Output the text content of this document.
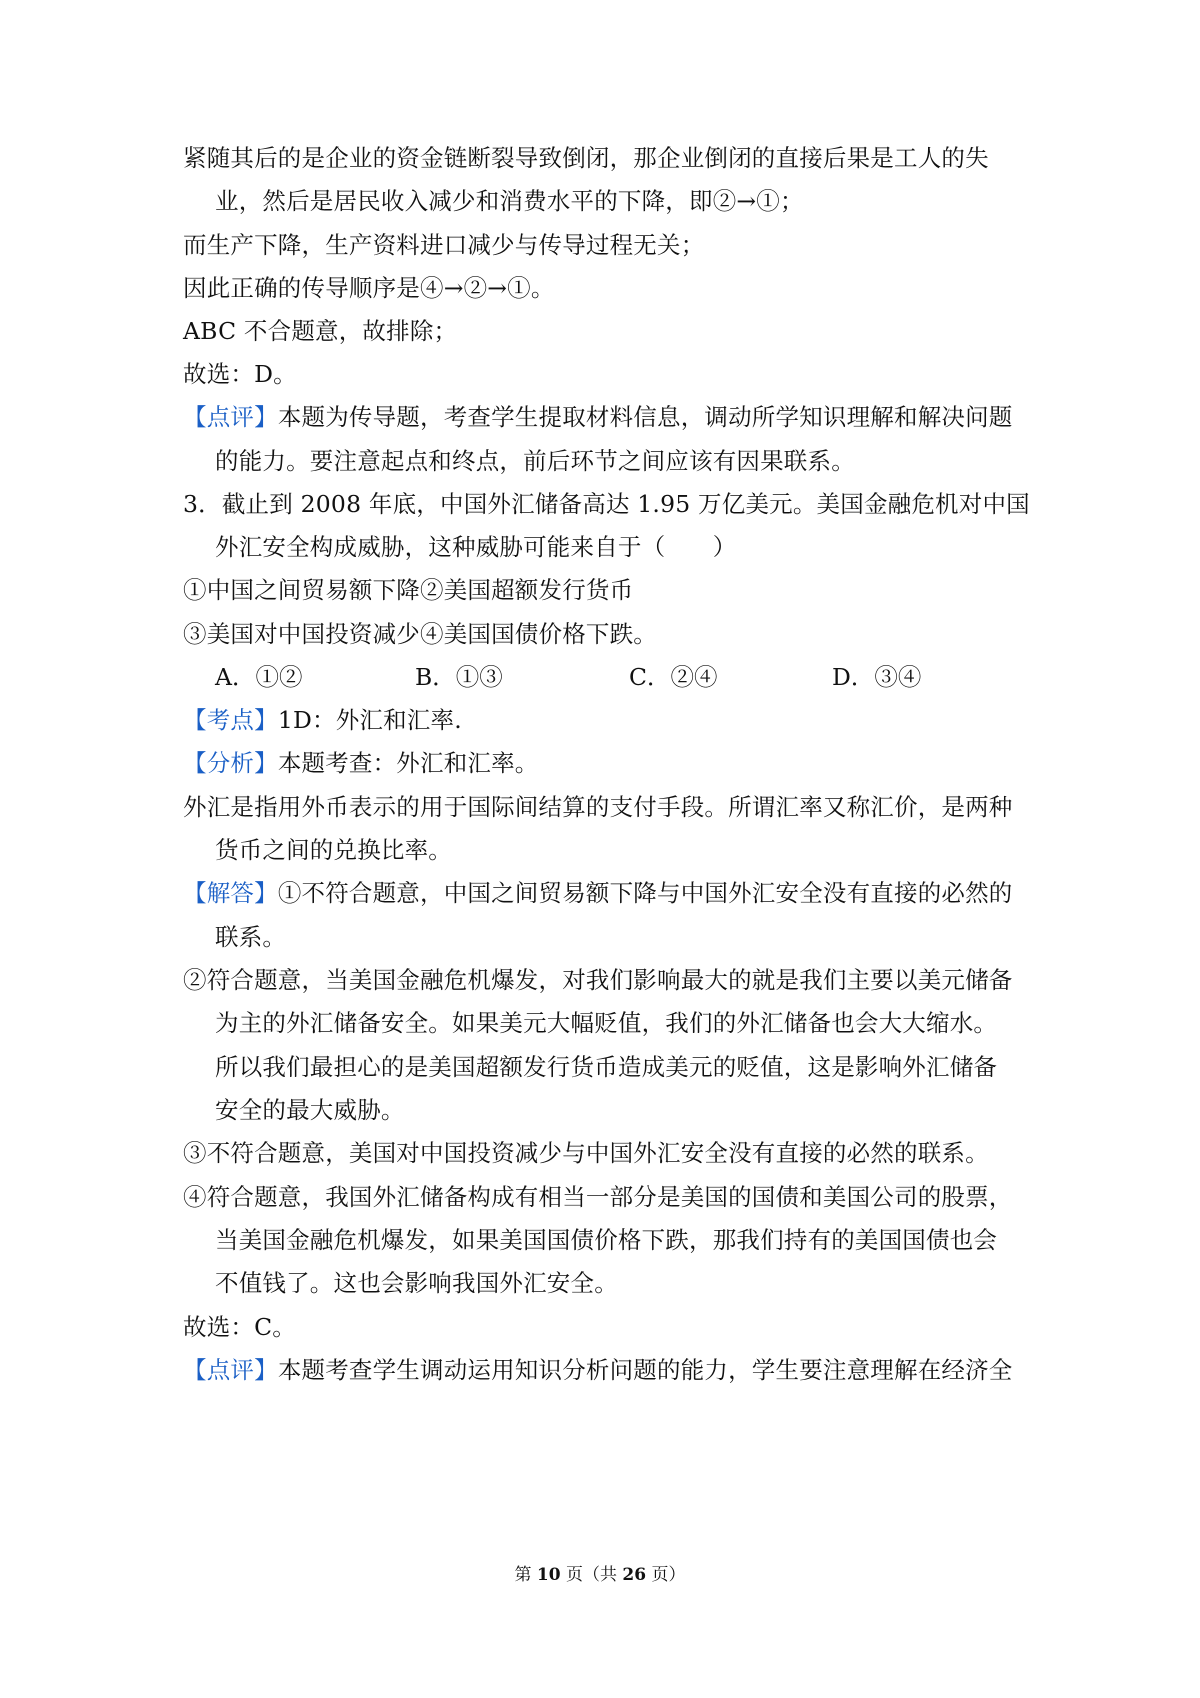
紧随其后的是企业的资金链断裂导致倒闭，那企业倒闭的直接后果是工人的失
业，然后是居民收入减少和消费水平的下降，即②→①；
而生产下降，生产资料进口减少与传导过程无关；
因此正确的传导顺序是④→②→①。
ABC 不合题意，故排除；
故选：D。
【点评】本题为传导题，考查学生提取材料信息，调动所学知识理解和解决问题
的能力。要注意起点和终点，前后环节之间应该有因果联系。
3．截止到 2008 年底，中国外汇储备高达 1.95 万亿美元。美国金融危机对中国
外汇安全构成威胁，这种威胁可能来自于（　　）
①中国之间贸易额下降②美国超额发行货币
③美国对中国投资减少④美国国债价格下跌。
A．①②	B．①③	C．②④	D．③④
【考点】1D：外汇和汇率.
【分析】本题考查：外汇和汇率。
外汇是指用外币表示的用于国际间结算的支付手段。所谓汇率又称汇价，是两种
货币之间的兑换比率。
【解答】①不符合题意，中国之间贸易额下降与中国外汇安全没有直接的必然的
联系。
②符合题意，当美国金融危机爆发，对我们影响最大的就是我们主要以美元储备
为主的外汇储备安全。如果美元大幅贬值，我们的外汇储备也会大大缩水。
所以我们最担心的是美国超额发行货币造成美元的贬值，这是影响外汇储备
安全的最大威胁。
③不符合题意，美国对中国投资减少与中国外汇安全没有直接的必然的联系。
④符合题意，我国外汇储备构成有相当一部分是美国的国债和美国公司的股票，
当美国金融危机爆发，如果美国国债价格下跌，那我们持有的美国国债也会
不值钱了。这也会影响我国外汇安全。
故选：C。
【点评】本题考查学生调动运用知识分析问题的能力，学生要注意理解在经济全
第 10 页（共 26 页）
